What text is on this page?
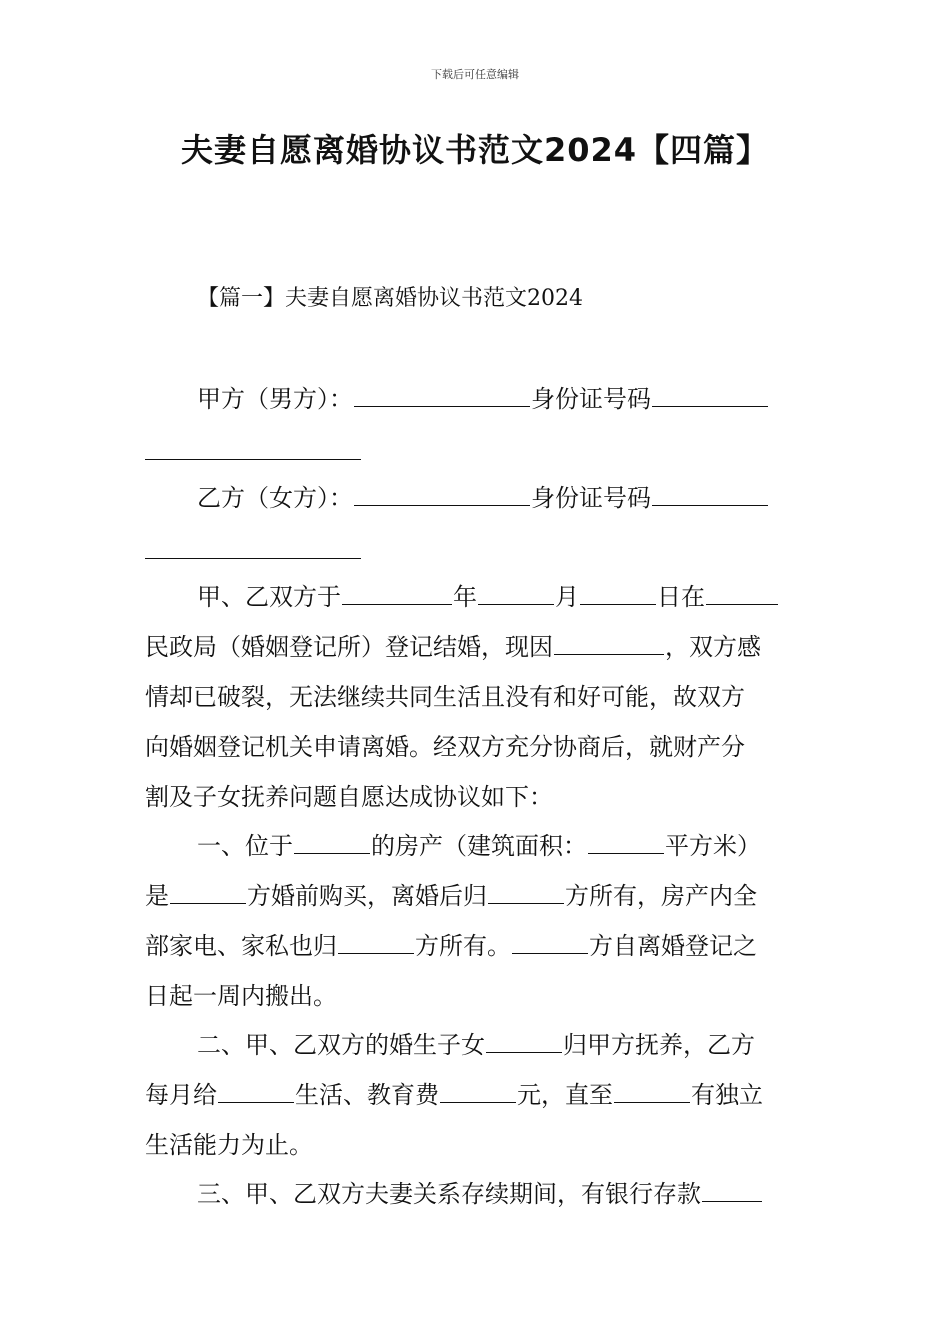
下载后可任意编辑
夫妻自愿离婚协议书范文2024【四篇】
【篇一】夫妻自愿离婚协议书范文2024
甲方（男方）：	身份证号码
乙方（女方）：	身份证号码
甲、乙双方于	年	月	日在
民政局（婚姻登记所）登记结婚，现因	，双方感
情却已破裂，无法继续共同生活且没有和好可能，故双方
向婚姻登记机关申请离婚。经双方充分协商后，就财产分
割及子女抚养问题自愿达成协议如下：
一、位于	的房产（建筑面积：	平方米）
是	方婚前购买，离婚后归	方所有，房产内全
部家电、家私也归	方所有。	方自离婚登记之
日起一周内搬出。
二、甲、乙双方的婚生子女	归甲方抚养，乙方
每月给	生活、教育费	元，直至	有独立
生活能力为止。
三、甲、乙双方夫妻关系存续期间，有银行存款
